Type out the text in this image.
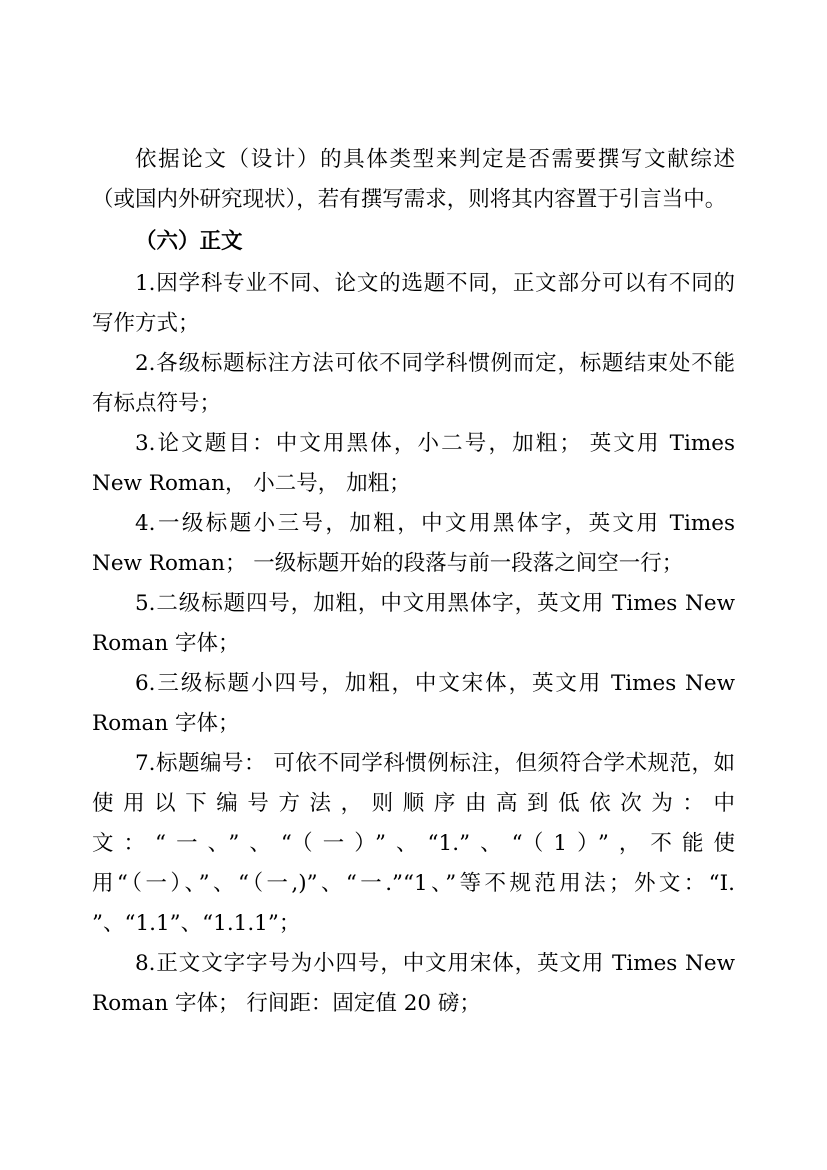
依据论文（设计）的具体类型来判定是否需要撰写文献综述（或国内外研究现状），若有撰写需求，则将其内容置于引言当中。

（六）正文

1.因学科专业不同、论文的选题不同，正文部分可以有不同的写作方式；

2.各级标题标注方法可依不同学科惯例而定，标题结束处不能有标点符号；

3.论文题目：中文用黑体，小二号，加粗； 英文用 Times New Roman， 小二号， 加粗；

4.一级标题小三号，加粗，中文用黑体字，英文用 Times New Roman； 一级标题开始的段落与前一段落之间空一行；

5.二级标题四号，加粗，中文用黑体字，英文用 Times New Roman 字体；

6.三级标题小四号，加粗，中文宋体，英文用 Times New Roman 字体；

7.标题编号： 可依不同学科惯例标注，但须符合学术规范，如使用以下编号方法，则顺序由高到低依次为：中文：“一、”、“（一）”、“1.”、“（1）”，不能使用“（一）、”、“（一,)”、“一.”“1、”等不规范用法；外文：“I. ”、“1.1”、“1.1.1”；

8.正文文字字号为小四号，中文用宋体，英文用 Times New Roman 字体； 行间距：固定值 20 磅；
